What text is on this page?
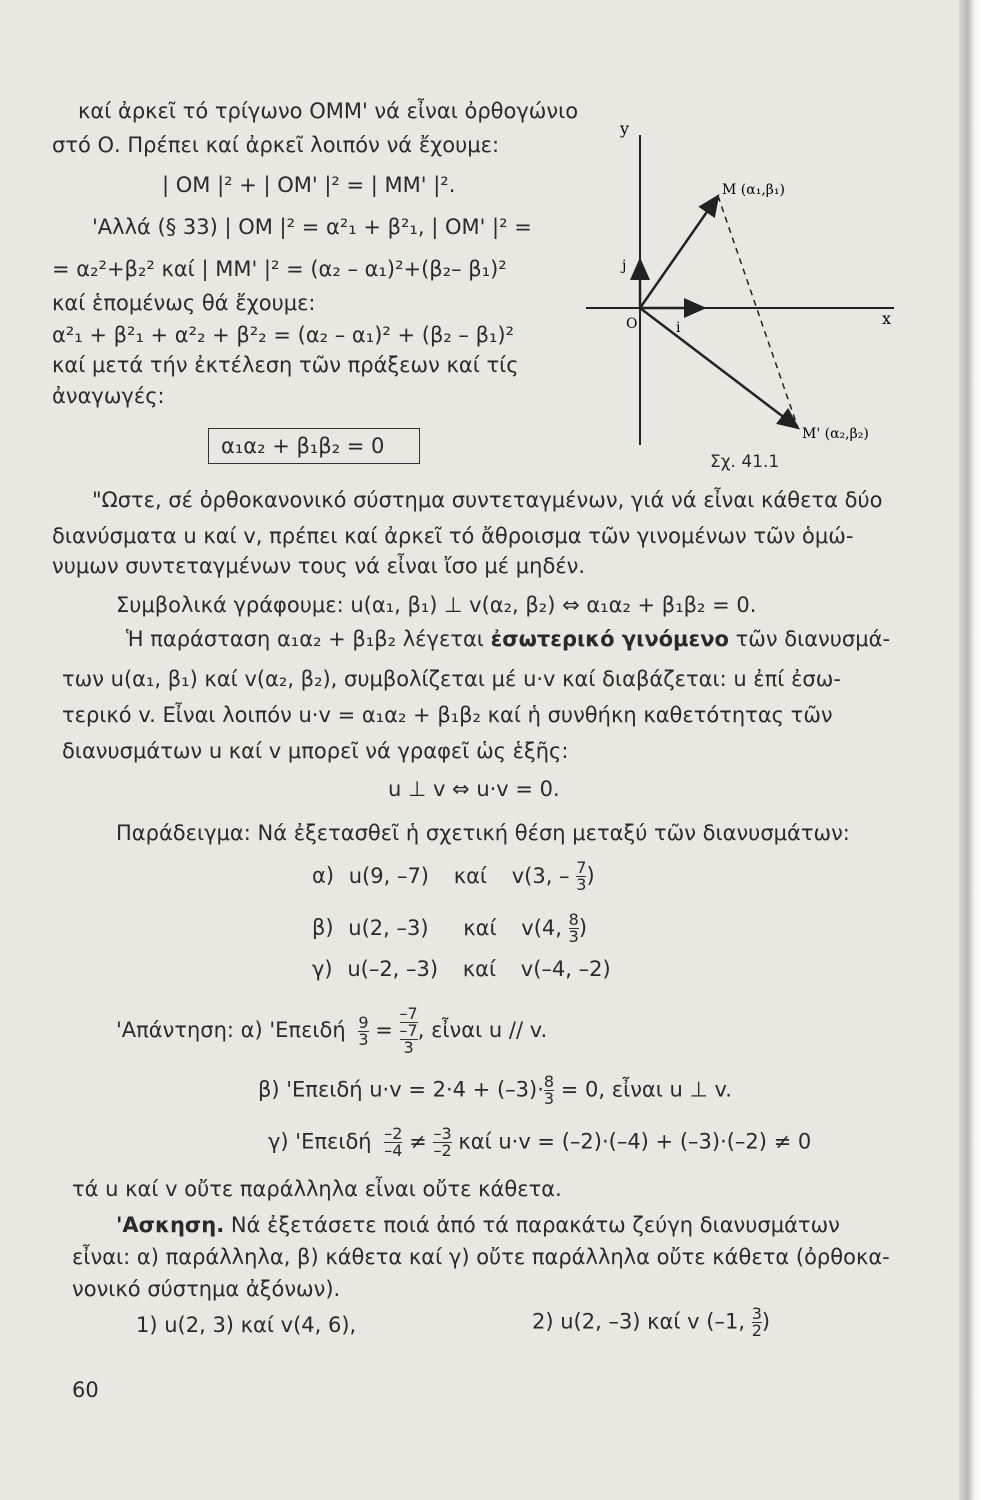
καί ἀρκεῖ τό τρίγωνο ΟΜΜ' νά εἶναι ὀρθογώνιο
στό Ο. Πρέπει καί ἀρκεῖ λοιπόν νά ἔχουμε:
| OM |² + | OM' |² = | MM' |².
'Αλλά (§ 33) | OM |² = α²₁ + β²₁, | OM' |² =
= α₂²+β₂² καί | MM' |² = (α₂ – α₁)²+(β₂– β₁)²
καί ἑπομένως θά ἔχουμε:
α²₁ + β²₁ + α²₂ + β²₂ = (α₂ – α₁)² + (β₂ – β₁)²
καί μετά τήν ἐκτέλεση τῶν πράξεων καί τίς
ἀναγωγές:
α₁α₂ + β₁β₂ = 0
y
x
O	i
j
M (α₁,β₁)
M' (α₂,β₂)
Σχ. 41.1
"Ωστε, σέ ὀρθοκανονικό σύστημα συντεταγμένων, γιά νά εἶναι κάθετα δύο
διανύσματα u καί v, πρέπει καί ἀρκεῖ τό ἄθροισμα τῶν γινομένων τῶν ὁμώ-
νυμων συντεταγμένων τους νά εἶναι ἴσο μέ μηδέν.
Συμβολικά γράφουμε: u(α₁, β₁) ⊥ v(α₂, β₂) ⇔ α₁α₂ + β₁β₂ = 0.
Ἡ παράσταση α₁α₂ + β₁β₂ λέγεται ἐσωτερικό γινόμενο τῶν διανυσμά-
των u(α₁, β₁) καί v(α₂, β₂), συμβολίζεται μέ u·v καί διαβάζεται: u ἐπί ἐσω-
τερικό v. Εἶναι λοιπόν u·v = α₁α₂ + β₁β₂ καί ἡ συνθήκη καθετότητας τῶν
διανυσμάτων u καί v μπορεῖ νά γραφεῖ ὡς ἑξῆς:
u ⊥ v ⇔ u·v = 0.
Παράδειγμα: Νά ἐξετασθεῖ ἡ σχετική θέση μεταξύ τῶν διανυσμάτων:
α) u(9, –7) καί v(3, – $\frac{7}{3}$ )
β) u(2, –3) καί v(4, $\frac{8}{3}$ )
γ) u(–2, –3) καί v(–4, –2)
'Απάντηση: α) '$E\pi\varepsilon\iota\delta ή \frac{9}{3}$ =
–7
–7
3
, εἶναι u // v.
β) 'Επειδή $u\cdot v = 2\cdot 4 + (-3)\cdot \frac{8}{3} = 0$, εἶναι u ⊥ v.
γ) '$E\pi\varepsilon\iota\delta ή \frac{-2}{-4} \ne \frac{-3}{-2}$ καί u·v = (–2)·(–4) + (–3)·(–2) ≠ 0
τά u καί v οὔτε παράλληλα εἶναι οὔτε κάθετα.
'Ασκηση. Νά ἐξετάσετε ποιά ἀπό τά παρακάτω ζεύγη διανυσμάτων
εἶναι: α) παράλληλα, β) κάθετα καί γ) οὔτε παράλληλα οὔτε κάθετα (ὀρθοκα-
νονικό σύστημα ἀξόνων).
1) u(2, 3) καί v(4, 6),	2) u(2, –3) καί v (–1, $\frac{3}{2}$ )
60
